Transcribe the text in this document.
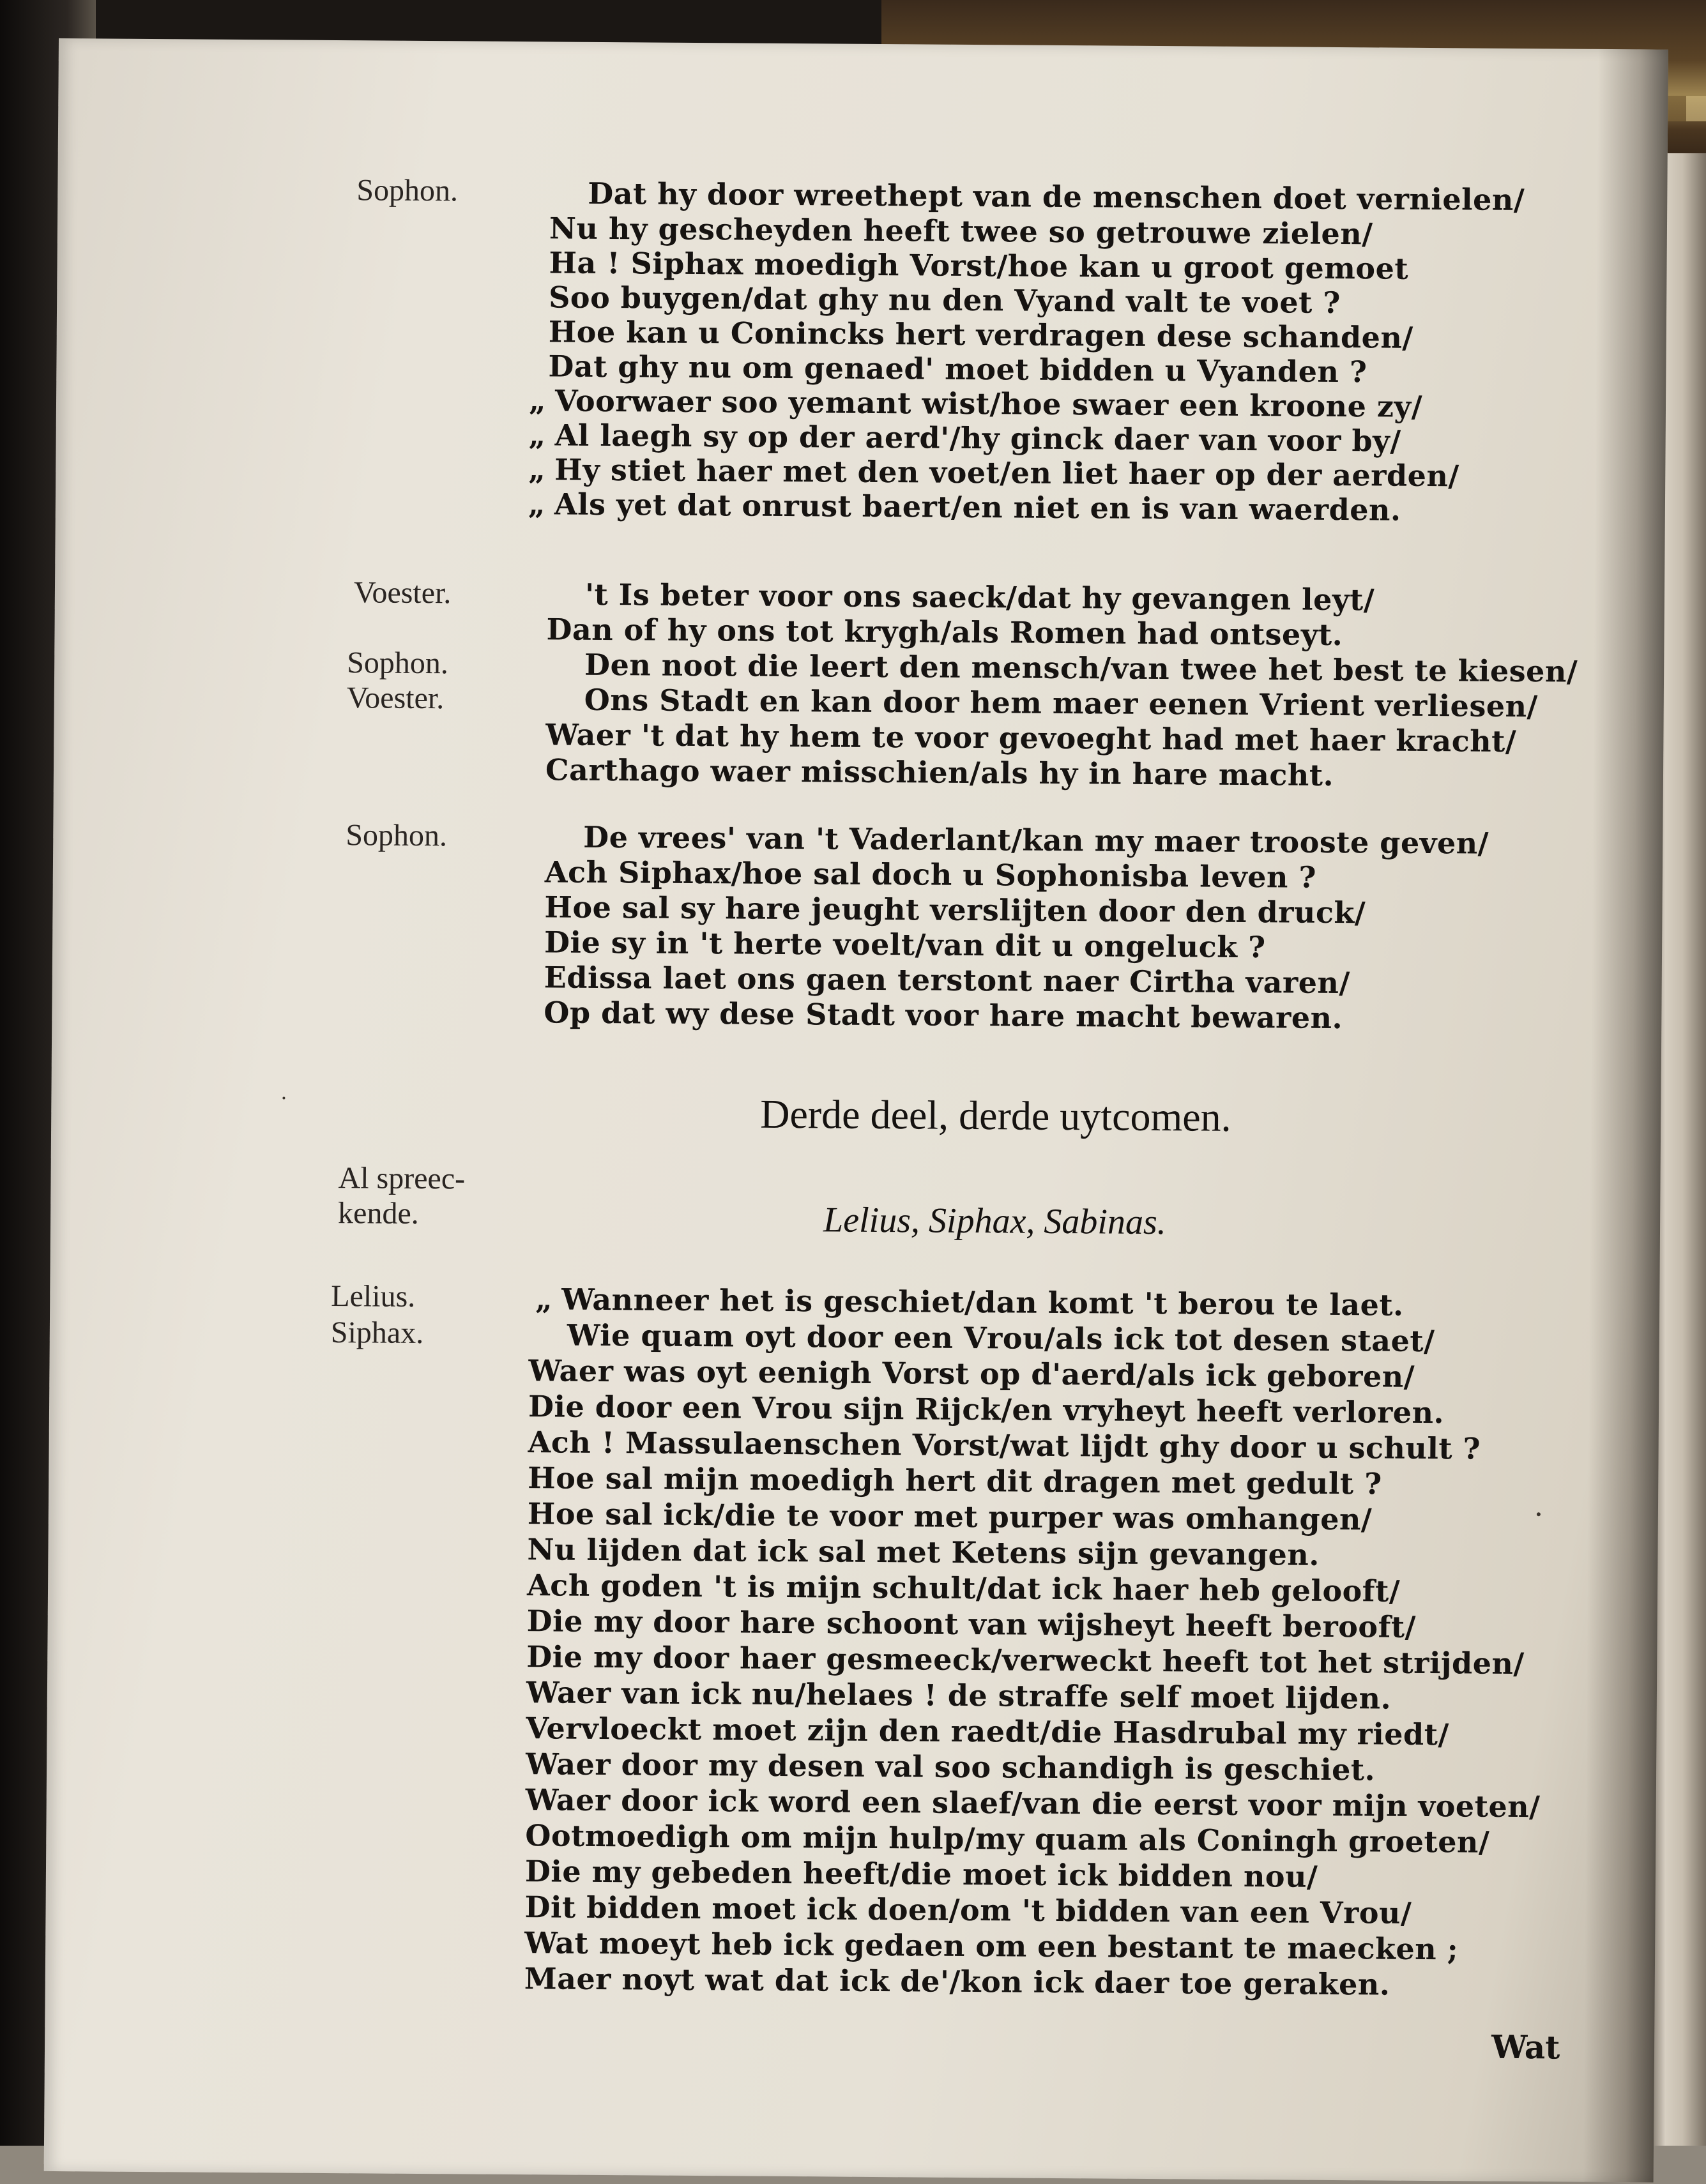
Sophon.
Voester.
Sophon.
Voester.
Sophon.
Dat hy door wreethept van de menschen doet vernielen/
Nu hy gescheyden heeft twee so getrouwe zielen/
Ha ! Siphax moedigh Vorst/hoe kan u groot gemoet
Soo buygen/dat ghy nu den Vyand valt te voet ?
Hoe kan u Conincks hert verdragen dese schanden/
Dat ghy nu om genaed' moet bidden u Vyanden ?
„ Voorwaer soo yemant wist/hoe swaer een kroone zy/
„ Al laegh sy op der aerd'/hy ginck daer van voor by/
„ Hy stiet haer met den voet/en liet haer op der aerden/
„ Als yet dat onrust baert/en niet en is van waerden.
't Is beter voor ons saeck/dat hy gevangen leyt/
Dan of hy ons tot krygh/als Romen had ontseyt.
Den noot die leert den mensch/van twee het best te kiesen/
Ons Stadt en kan door hem maer eenen Vrient verliesen/
Waer 't dat hy hem te voor gevoeght had met haer kracht/
Carthago waer misschien/als hy in hare macht.
De vrees' van 't Vaderlant/kan my maer trooste geven/
Ach Siphax/hoe sal doch u Sophonisba leven ?
Hoe sal sy hare jeught verslijten door den druck/
Die sy in 't herte voelt/van dit u ongeluck ?
Edissa laet ons gaen terstont naer Cirtha varen/
Op dat wy dese Stadt voor hare macht bewaren.
Derde deel, derde uytcomen.
Al spreec-
kende.	Lelius, Siphax, Sabinas.
Lelius.
Siphax.
„ Wanneer het is geschiet/dan komt 't berou te laet.
Wie quam oyt door een Vrou/als ick tot desen staet/
Waer was oyt eenigh Vorst op d'aerd/als ick geboren/
Die door een Vrou sijn Rijck/en vryheyt heeft verloren.
Ach ! Massulaenschen Vorst/wat lijdt ghy door u schult ?
Hoe sal mijn moedigh hert dit dragen met gedult ?
Hoe sal ick/die te voor met purper was omhangen/
Nu lijden dat ick sal met Ketens sijn gevangen.
Ach goden 't is mijn schult/dat ick haer heb gelooft/
Die my door hare schoont van wijsheyt heeft berooft/
Die my door haer gesmeeck/verweckt heeft tot het strijden/
Waer van ick nu/helaes ! de straffe self moet lijden.
Vervloeckt moet zijn den raedt/die Hasdrubal my riedt/
Waer door my desen val soo schandigh is geschiet.
Waer door ick word een slaef/van die eerst voor mijn voeten/
Ootmoedigh om mijn hulp/my quam als Coningh groeten/
Die my gebeden heeft/die moet ick bidden nou/
Dit bidden moet ick doen/om 't bidden van een Vrou/
Wat moeyt heb ick gedaen om een bestant te maecken ;
Maer noyt wat dat ick de'/kon ick daer toe geraken.
Wat
